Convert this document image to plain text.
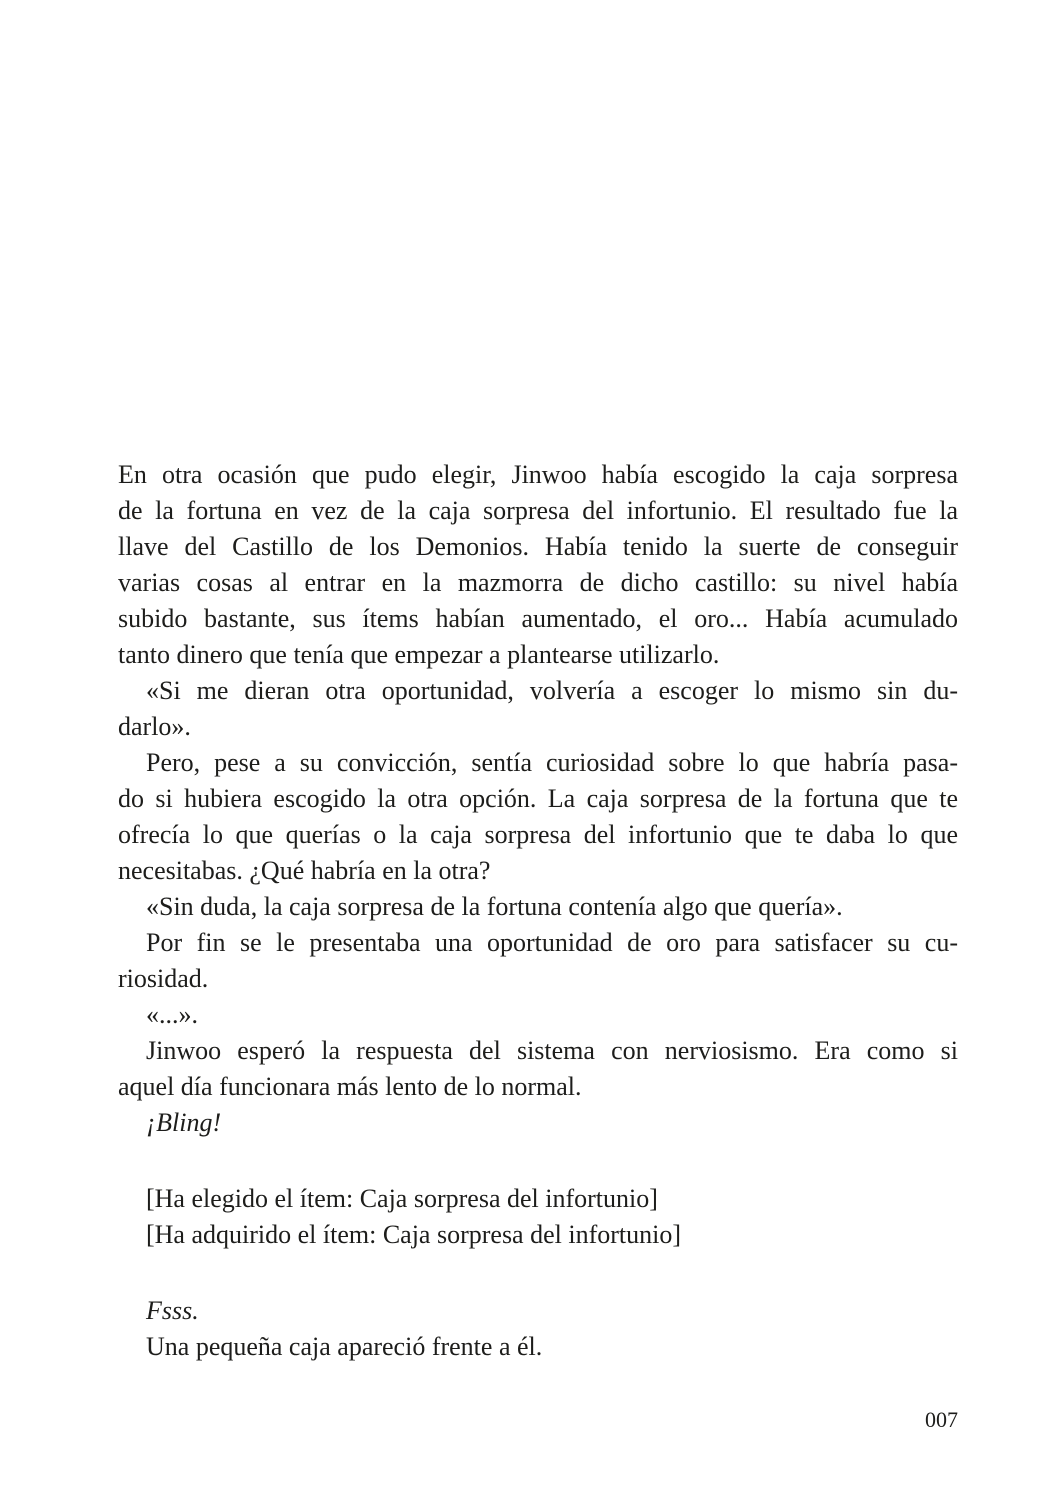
En otra ocasión que pudo elegir, Jinwoo había escogido la caja sorpresa
de la fortuna en vez de la caja sorpresa del infortunio. El resultado fue la
llave del Castillo de los Demonios. Había tenido la suerte de conseguir
varias cosas al entrar en la mazmorra de dicho castillo: su nivel había
subido bastante, sus ítems habían aumentado, el oro... Había acumulado
tanto dinero que tenía que empezar a plantearse utilizarlo.
«Si me dieran otra oportunidad, volvería a escoger lo mismo sin du-
darlo».
Pero, pese a su convicción, sentía curiosidad sobre lo que habría pasa-
do si hubiera escogido la otra opción. La caja sorpresa de la fortuna que te
ofrecía lo que querías o la caja sorpresa del infortunio que te daba lo que
necesitabas. ¿Qué habría en la otra?
«Sin duda, la caja sorpresa de la fortuna contenía algo que quería».
Por fin se le presentaba una oportunidad de oro para satisfacer su cu-
riosidad.
«...».
Jinwoo esperó la respuesta del sistema con nerviosismo. Era como si
aquel día funcionara más lento de lo normal.
¡Bling!
[Ha elegido el ítem: Caja sorpresa del infortunio]
[Ha adquirido el ítem: Caja sorpresa del infortunio]
Fsss.
Una pequeña caja apareció frente a él.
007
